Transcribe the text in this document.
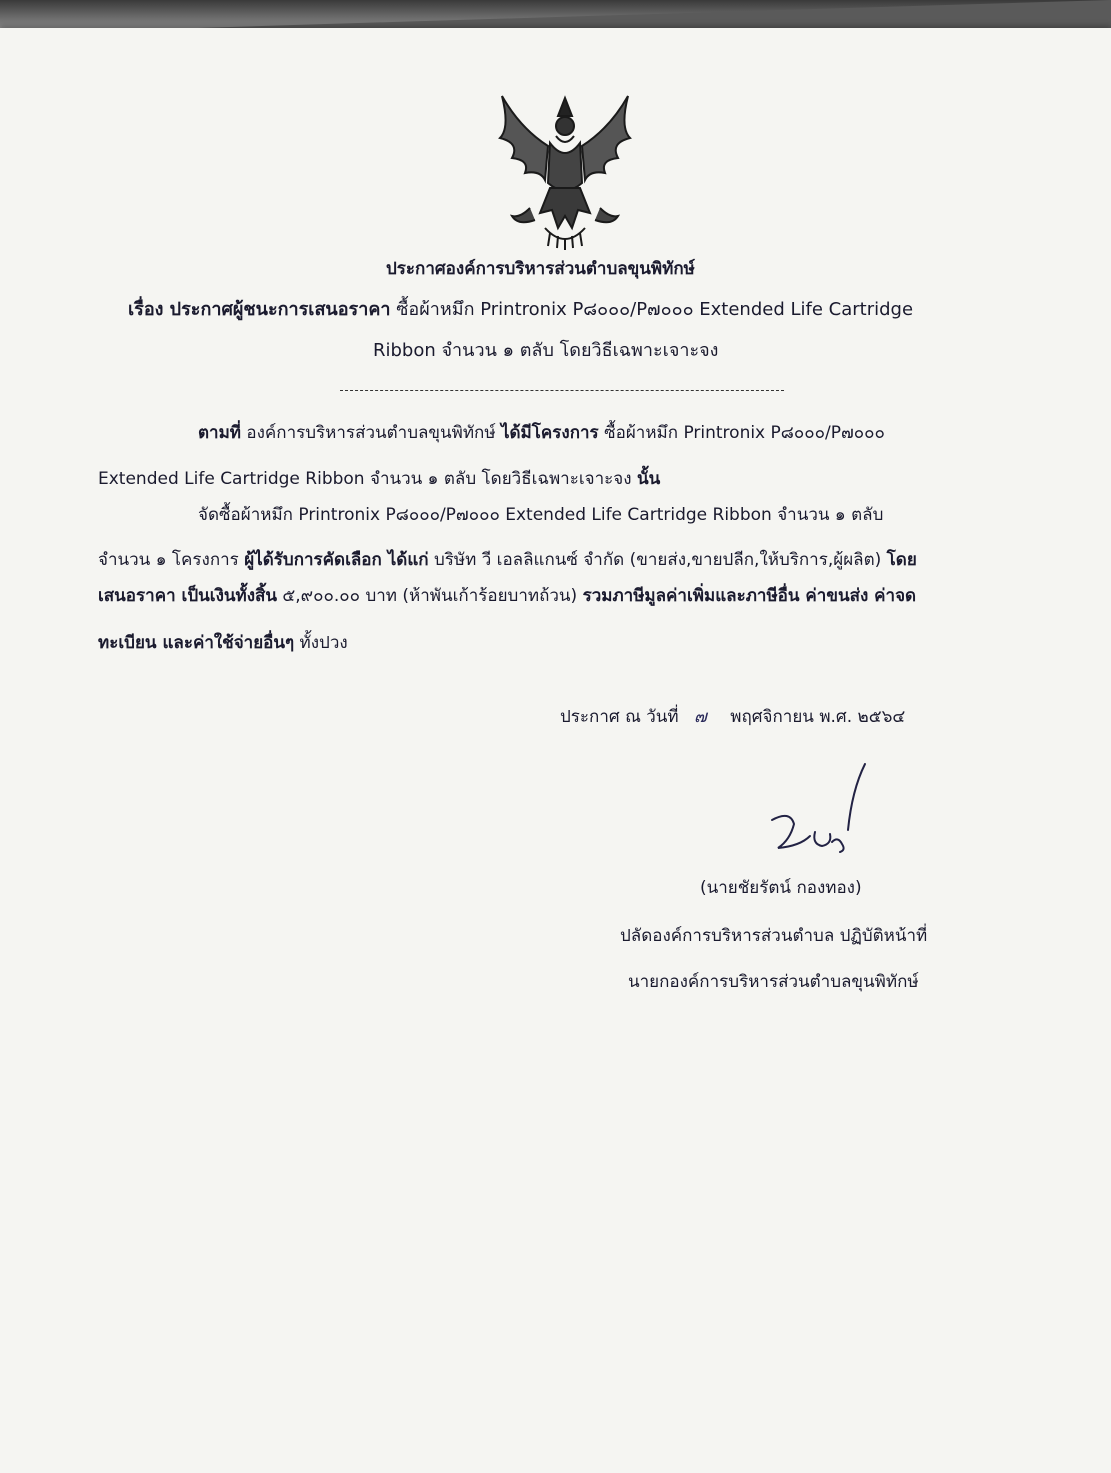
ประกาศองค์การบริหารส่วนตำบลขุนพิทักษ์
เรื่อง ประกาศผู้ชนะการเสนอราคา ซื้อผ้าหมึก Printronix P๘๐๐๐/P๗๐๐๐ Extended Life Cartridge
Ribbon จำนวน ๑ ตลับ โดยวิธีเฉพาะเจาะจง
ตามที่ องค์การบริหารส่วนตำบลขุนพิทักษ์ ได้มีโครงการ ซื้อผ้าหมึก Printronix P๘๐๐๐/P๗๐๐๐
Extended Life Cartridge Ribbon จำนวน ๑ ตลับ โดยวิธีเฉพาะเจาะจง นั้น
จัดซื้อผ้าหมึก Printronix P๘๐๐๐/P๗๐๐๐ Extended Life Cartridge Ribbon จำนวน ๑ ตลับ
จำนวน ๑ โครงการ ผู้ได้รับการคัดเลือก ได้แก่ บริษัท วี เอลลิแกนซ์ จำกัด (ขายส่ง,ขายปลีก,ให้บริการ,ผู้ผลิต) โดย
เสนอราคา เป็นเงินทั้งสิ้น ๕,๙๐๐.๐๐ บาท (ห้าพันเก้าร้อยบาทถ้วน) รวมภาษีมูลค่าเพิ่มและภาษีอื่น ค่าขนส่ง ค่าจด
ทะเบียน และค่าใช้จ่ายอื่นๆ ทั้งปวง
ประกาศ ณ วันที่ ๗ พฤศจิกายน พ.ศ. ๒๕๖๔
(นายชัยรัตน์ กองทอง)
ปลัดองค์การบริหารส่วนตำบล ปฏิบัติหน้าที่
นายกองค์การบริหารส่วนตำบลขุนพิทักษ์
